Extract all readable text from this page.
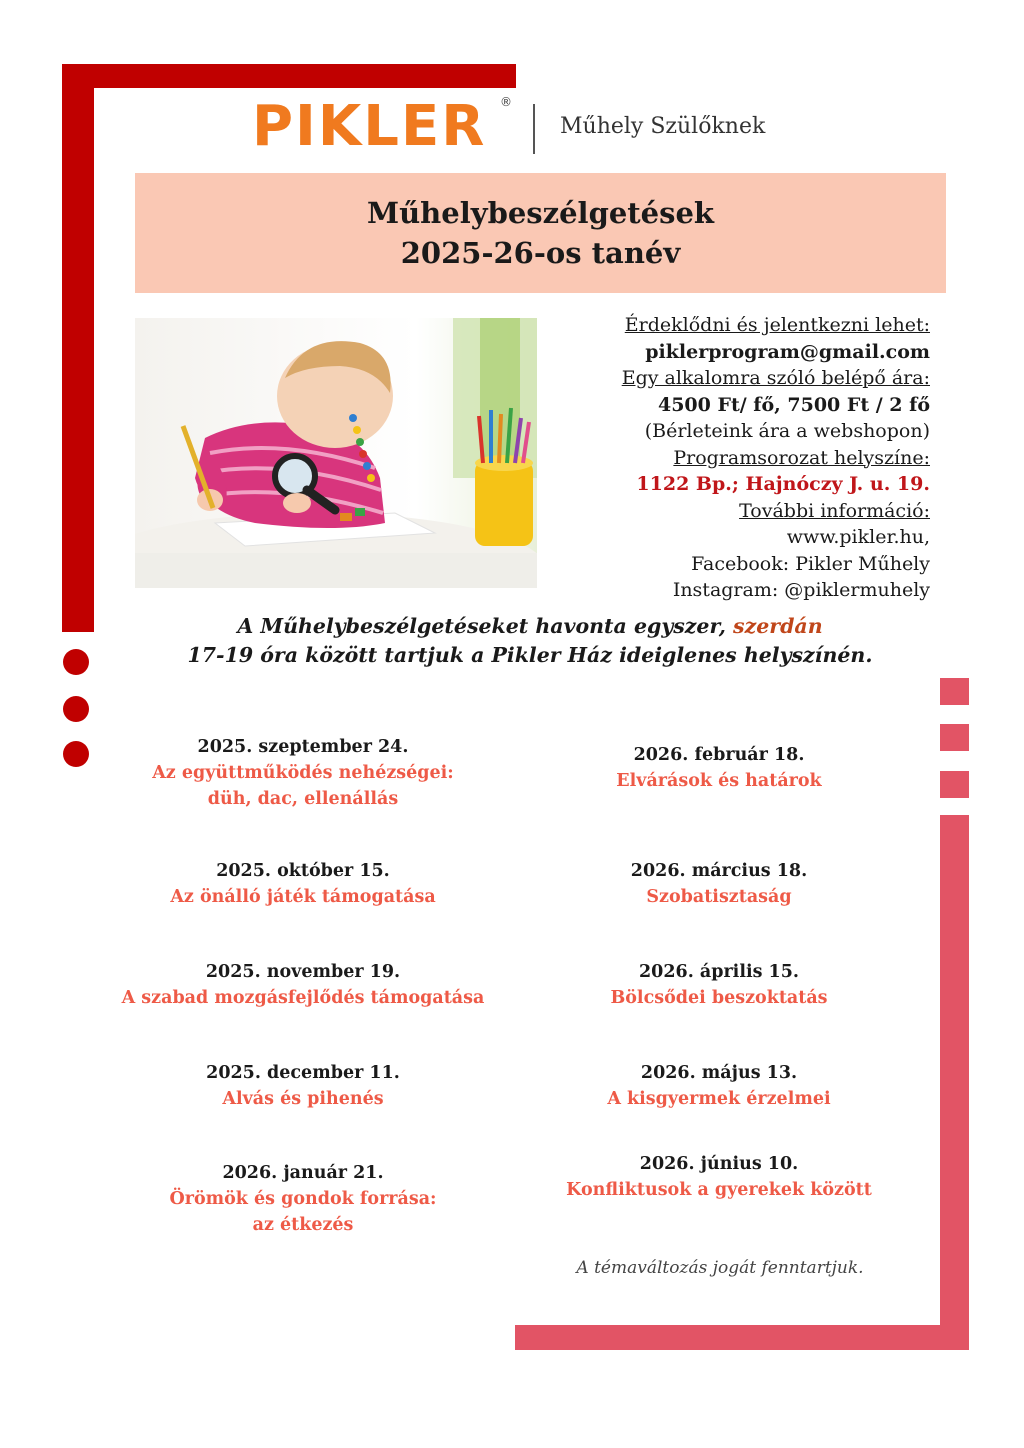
PIKLER	®
Műhely Szülőknek
Műhelybeszélgetések
2025-26-os tanév
Érdeklődni és jelentkezni lehet:
piklerprogram@gmail.com
Egy alkalomra szóló belépő ára:
4500 Ft/ fő, 7500 Ft / 2 fő
(Bérleteink ára a webshopon)
Programsorozat helyszíne:
1122 Bp.; Hajnóczy J. u. 19.
További információ:
www.pikler.hu,
Facebook: Pikler Műhely
Instagram: @piklermuhely
A Műhelybeszélgetéseket havonta egyszer, szerdán
17-19 óra között tartjuk a Pikler Ház ideiglenes helyszínén.
2025. szeptember 24.
Az együttműködés nehézségei:
düh, dac, ellenállás
2025. október 15.
Az önálló játék támogatása
2025. november 19.
A szabad mozgásfejlődés támogatása
2025. december 11.
Alvás és pihenés
2026. január 21.
Örömök és gondok forrása:
az étkezés
2026. február 18.
Elvárások és határok
2026. március 18.
Szobatisztaság
2026. április 15.
Bölcsődei beszoktatás
2026. május 13.
A kisgyermek érzelmei
2026. június 10.
Konfliktusok a gyerekek között
A témaváltozás jogát fenntartjuk.
